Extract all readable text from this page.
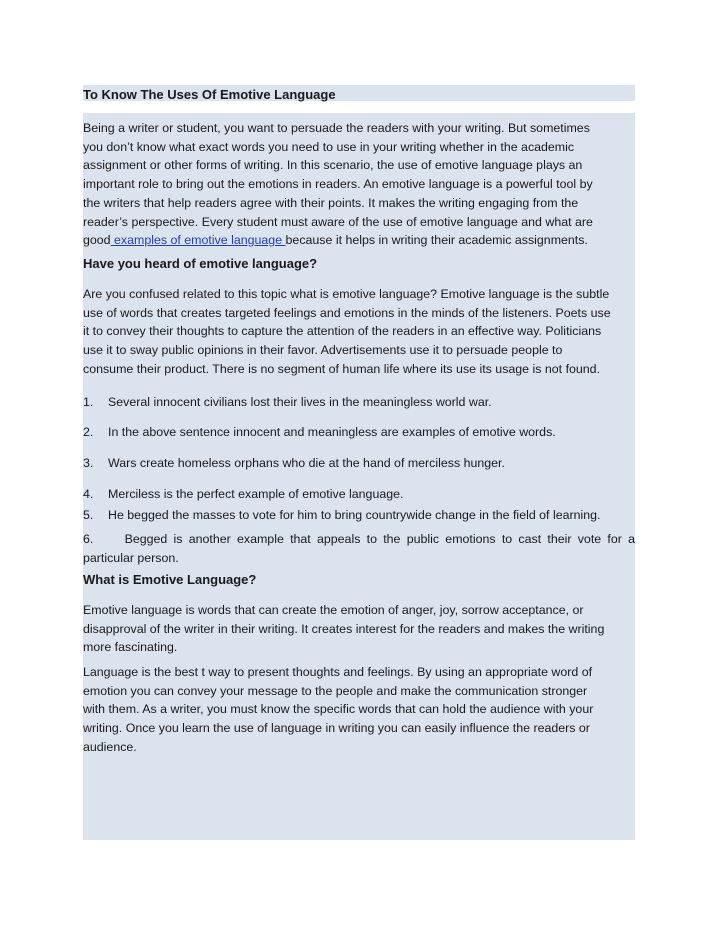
To Know The Uses Of Emotive Language

Being a writer or student, you want to persuade the readers with your writing. But sometimes

you don’t know what exact words you need to use in your writing whether in the academic

assignment or other forms of writing. In this scenario, the use of emotive language plays an

important role to bring out the emotions in readers. An emotive language is a powerful tool by

the writers that help readers agree with their points. It makes the writing engaging from the

reader’s perspective. Every student must aware of the use of emotive language and what are

good examples of emotive language because it helps in writing their academic assignments.

Have you heard of emotive language?

Are you confused related to this topic what is emotive language? Emotive language is the subtle

use of words that creates targeted feelings and emotions in the minds of the listeners. Poets use

it to convey their thoughts to capture the attention of the readers in an effective way. Politicians

use it to sway public opinions in their favor. Advertisements use it to persuade people to

consume their product. There is no segment of human life where its use its usage is not found.

1. Several innocent civilians lost their lives in the meaningless world war.
2. In the above sentence innocent and meaningless are examples of emotive words.
3. Wars create homeless orphans who die at the hand of merciless hunger.
4. Merciless is the perfect example of emotive language.
5. He begged the masses to vote for him to bring countrywide change in the field of learning.
6.	Begged is another example that appeals to the public emotions to cast their vote for a
particular person.
What is Emotive Language?

Emotive language is words that can create the emotion of anger, joy, sorrow acceptance, or

disapproval of the writer in their writing. It creates interest for the readers and makes the writing

more fascinating.

Language is the best t way to present thoughts and feelings. By using an appropriate word of

emotion you can convey your message to the people and make the communication stronger

with them. As a writer, you must know the specific words that can hold the audience with your

writing. Once you learn the use of language in writing you can easily influence the readers or

audience.
